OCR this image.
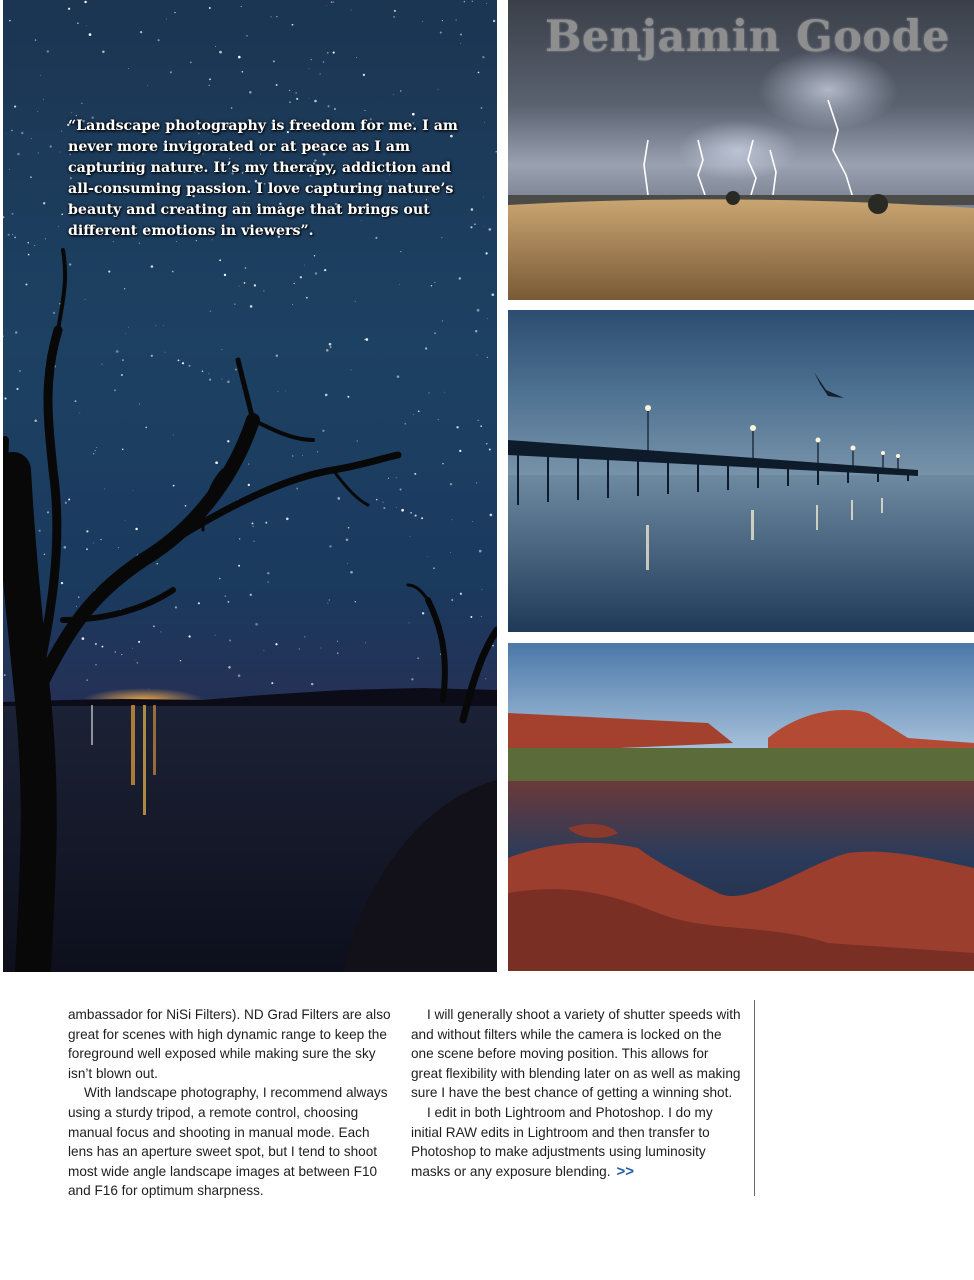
Benjamin Goode

“Landscape photography is freedom for me. I am never more invigorated or at peace as I am capturing nature. It’s my therapy, addiction and all-consuming passion. I love capturing nature’s beauty and creating an image that brings out different emotions in viewers”.

ambassador for NiSi Filters). ND Grad Filters are also great for scenes with high dynamic range to keep the foreground well exposed while making sure the sky isn’t blown out.

With landscape photography, I recommend always using a sturdy tripod, a remote control, choosing manual focus and shooting in manual mode. Each lens has an aperture sweet spot, but I tend to shoot most wide angle landscape images at between F10 and F16 for optimum sharpness.

I will generally shoot a variety of shutter speeds with and without filters while the camera is locked on the one scene before moving position. This allows for great flexibility with blending later on as well as making sure I have the best chance of getting a winning shot.

I edit in both Lightroom and Photoshop. I do my initial RAW edits in Lightroom and then transfer to Photoshop to make adjustments using luminosity masks or any exposure blending. >>
